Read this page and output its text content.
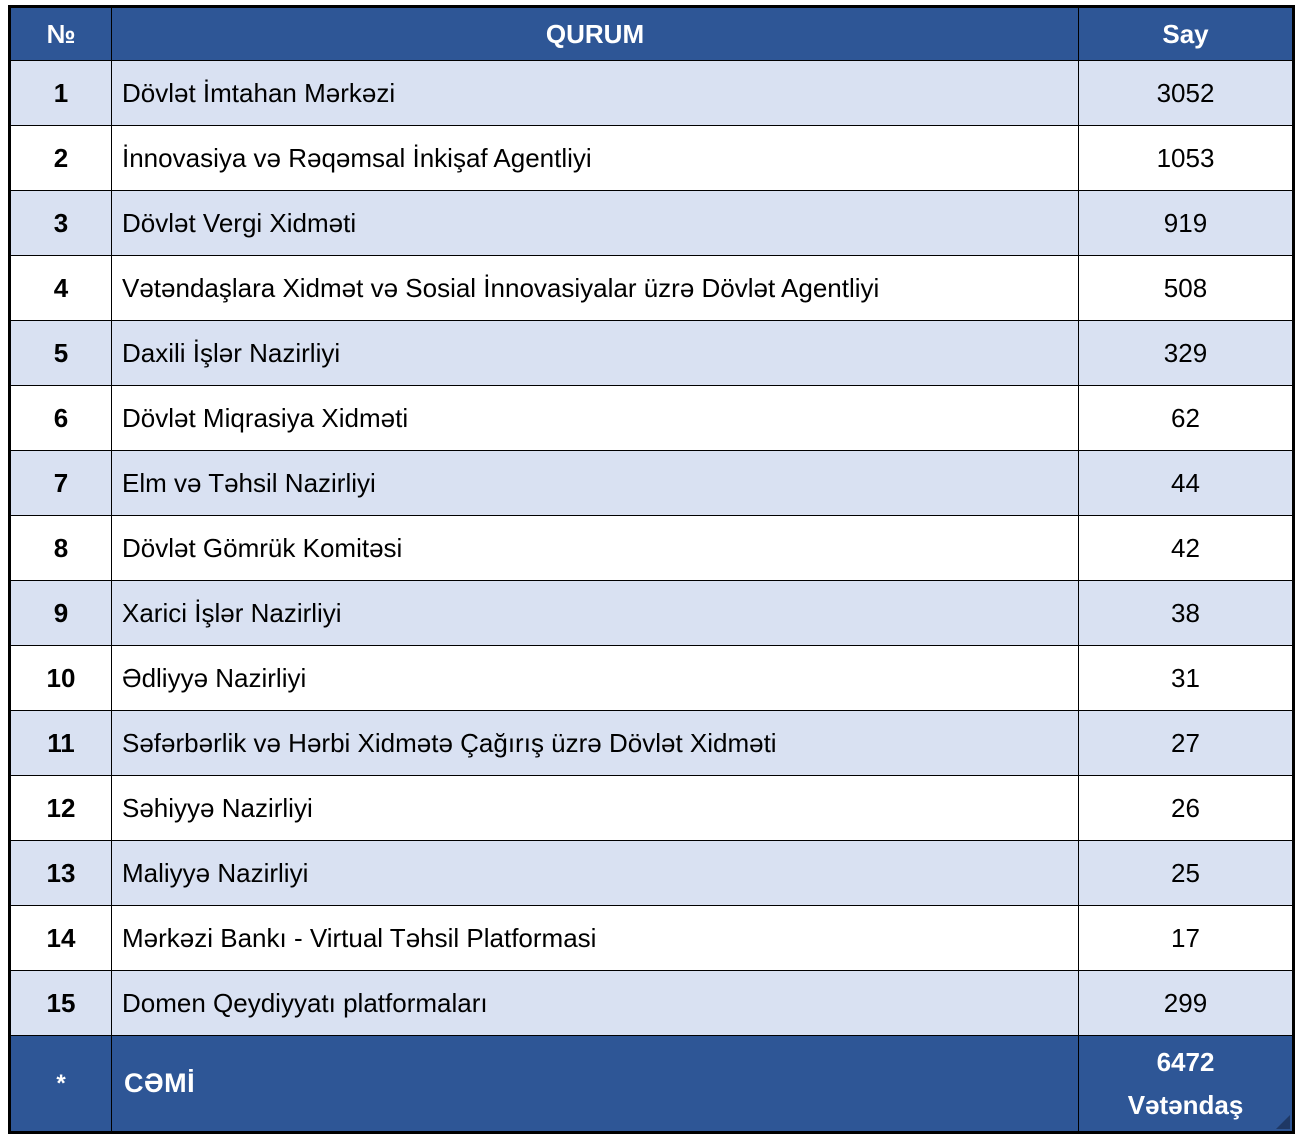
№	QURUM	Say
1	Dövlət İmtahan Mərkəzi	3052
2	İnnovasiya və Rəqəmsal İnkişaf Agentliyi	1053
3	Dövlət Vergi Xidməti	919
4	Vətəndaşlara Xidmət və Sosial İnnovasiyalar üzrə Dövlət Agentliyi	508
5	Daxili İşlər Nazirliyi	329
6	Dövlət Miqrasiya Xidməti	62
7	Elm və Təhsil Nazirliyi	44
8	Dövlət Gömrük Komitəsi	42
9	Xarici İşlər Nazirliyi	38
10	Ədliyyə Nazirliyi	31
11	Səfərbərlik və Hərbi Xidmətə Çağırış üzrə Dövlət Xidməti	27
12	Səhiyyə Nazirliyi	26
13	Maliyyə Nazirliyi	25
14	Mərkəzi Bankı - Virtual Təhsil Platformasi	17
15	Domen Qeydiyyatı platformaları	299
*	CƏMİ	6472
Vətəndaş
